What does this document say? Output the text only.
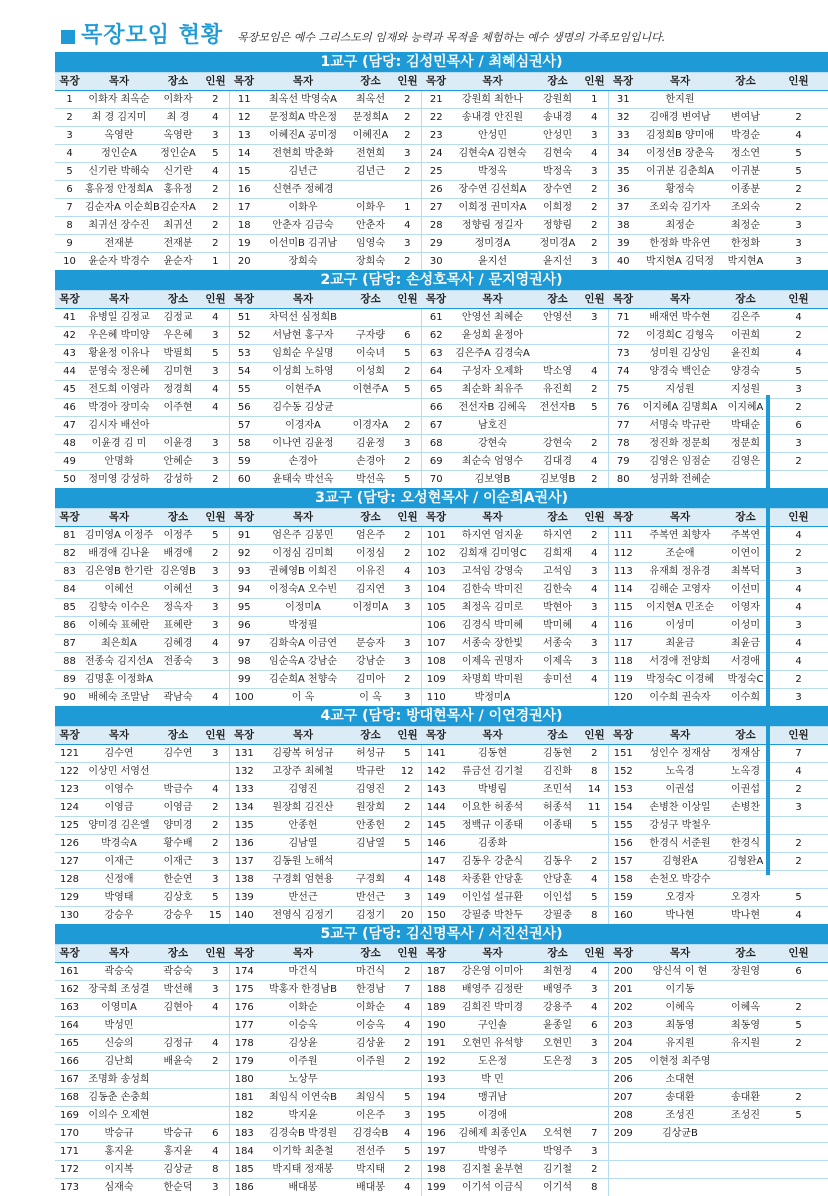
목장모임 현황 목장모임은 예수 그리스도의 임재와 능력과 목적을 체험하는 예수 생명의 가족모임입니다.
1교구 (담당: 김성민목사 / 최혜심권사)															
목장	목자	장소	인원	목장	목자	장소	인원	목장	목자	장소	인원	목장	목자	장소	인원
1	이화자 최옥순	이화자	2	11	최옥선 박영숙A	최옥선	2	21	강원희 최한나	강원희	1	31	한지원		
2	최 경 김지미	최 경	4	12	문정희A 박은정	문정희A	2	22	송내경 안진원	송내경	4	32	김애경 변여남	변여남	2
3	옥영란	옥영란	3	13	이혜진A 공미정	이혜진A	2	23	안성민	안성민	3	33	김정희B 양미애	박경순	4
4	정인순A	정인순A	5	14	전현희 박춘화	전현희	3	24	김현숙A 김현숙	김현숙	4	34	이정선B 장춘옥	정소연	5
5	신기란 박해숙	신기란	4	15	김년근	김년근	2	25	박정옥	박정옥	3	35	이귀분 김춘희A	이귀분	5
6	홍유정 안정희A	홍유정	2	16	신현주 정혜경			26	장수연 김선희A	장수연	2	36	황정숙	이종분	2
7	김순자A 이순희B	김순자A	2	17	이화우	이화우	1	27	이희정 권미자A	이희정	2	37	조외숙 김기자	조외숙	2
8	최귀선 장수진	최귀선	2	18	안춘자 김금숙	안춘자	4	28	정향림 정길자	정향림	2	38	최정순	최정순	3
9	전재분	전재분	2	19	이선미B 김귀남	임영숙	3	29	정미경A	정미경A	2	39	한정화 박유연	한정화	3
10	윤순자 박경수	윤순자	1	20	장희숙	장희숙	2	30	윤지선	윤지선	3	40	박지현A 김덕정	박지현A	3
2교구 (담당: 손성호목사 / 문지영권사)															
목장	목자	장소	인원	목장	목자	장소	인원	목장	목자	장소	인원	목장	목자	장소	인원
41	유병일 김정교	김정교	4	51	차덕선 심정희B			61	안영선 최혜순	안영선	3	71	배재연 박수현	김은주	4
42	우은혜 박미양	우은혜	3	52	서남현 홍구자	구자량	6	62	윤성희 윤정아			72	이경희C 김형옥	이권희	2
43	황윤정 이유나	박필희	5	53	임희순 우실명	이숙녀	5	63	김은주A 김경숙A			73	성미원 김상임	윤진희	4
44	문영숙 정은혜	김미현	3	54	이성희 노하영	이성희	2	64	구성자 오제화	박소영	4	74	양경숙 백인순	양경숙	5
45	전도희 이영라	정경희	4	55	이현주A	이현주A	5	65	최순화 최유주	유진희	2	75	지성원	지성원	3
46	박경아 장미숙	이주현	4	56	김수동 김상균			66	전선자B 김혜옥	전선자B	5	76	이지혜A 김명희A	이지혜A	2
47	김시자 배선아			57	이경자A	이경자A	2	67	남호진			77	서명숙 박규란	박태순	6
48	이윤경 김 미	이윤경	3	58	이나연 김윤정	김윤정	3	68	강현숙	강현숙	2	78	정진화 정문희	정문희	3
49	안명화	안혜순	3	59	손경아	손경아	2	69	최순숙 엄영수	김대경	4	79	김영은 임점순	김영은	2
50	정미영 강성하	강성하	2	60	윤태숙 박선옥	박선옥	5	70	김보영B	김보영B	2	80	성귀화 전혜순		
3교구 (담당: 오성현목사 / 이순희A권사)															
목장	목자	장소	인원	목장	목자	장소	인원	목장	목자	장소	인원	목장	목자	장소	인원
81	김미영A 이정주	이정주	5	91	엄은주 김봉민	엄은주	2	101	하지연 엄지윤	하지연	2	111	주복연 최향자	주복연	4
82	배경애 김나윤	배경애	2	92	이정심 김미희	이정심	2	102	김희재 김미영C	김희재	4	112	조순애	이연이	2
83	김은영B 한기란	김은영B	3	93	권혜영B 이희진	이유진	4	103	고석임 강영숙	고석임	3	113	유재희 정유경	최복덕	3
84	이혜선	이혜선	3	94	이정숙A 오수빈	김지연	3	104	김한숙 박미진	김한숙	4	114	김해순 고영자	이선미	4
85	김향숙 이수은	정옥자	3	95	이정미A	이정미A	3	105	최정옥 김미로	박현아	3	115	이지현A 민조순	이영자	4
86	이혜숙 표혜란	표혜란	3	96	박정필			106	김경식 박미혜	박미혜	4	116	이성미	이성미	3
87	최은희A	김혜경	4	97	김화숙A 이금연	문승자	3	107	서종숙 장한빛	서종숙	3	117	최윤금	최윤금	4
88	전종숙 김지선A	전종숙	3	98	임순옥A 강남순	강남순	3	108	이제옥 권명자	이제옥	3	118	서경애 전양희	서경애	4
89	김명훈 이정화A			99	김순희A 천향숙	김미아	2	109	차명희 박미원	송미선	4	119	박정숙C 이경혜	박정숙C	2
90	배혜숙 조말남	곽남숙	4	100	이 옥	이 옥	3	110	박정미A			120	이수희 권숙자	이수희	3
4교구 (담당: 방대현목사 / 이연경권사)															
목장	목자	장소	인원	목장	목자	장소	인원	목장	목자	장소	인원	목장	목자	장소	인원
121	김수연	김수연	3	131	김광복 허성규	허성규	5	141	김동현	김동현	2	151	성인수 정재삼	정재삼	7
122	이상민 서영선			132	고장주 최혜철	박규란	12	142	류금선 김기철	김진화	8	152	노옥경	노옥경	4
123	이영수	박금수	4	133	김영진	김영진	2	143	박병림	조민석	14	153	이권섭	이권섭	2
124	이영금	이영금	2	134	원장희 김진산	원장희	2	144	이요한 허종석	허종석	11	154	손병찬 이상일	손병찬	3
125	양미경 김은엘	양미경	2	135	안종헌	안종헌	2	145	정백규 이종태	이종태	5	155	강성구 박철우		
126	박경숙A	황수배	2	136	김남열	김남열	5	146	김종화			156	한경식 서준원	한경식	2
127	이재근	이재근	3	137	김동원 노해석			147	김동우 강춘식	김동우	2	157	김형완A	김형완A	2
128	신정애	한순연	3	138	구경회 엄현용	구경회	4	148	차종환 안당훈	안당훈	4	158	손천오 박강수		
129	박영태	김상호	5	139	반선근	반선근	3	149	이인섭 설규환	이인섭	5	159	오경자	오경자	5
130	강승우	강승우	15	140	전영식 김정기	김정기	20	150	강필중 박찬두	강필중	8	160	박나현	박나현	4
5교구 (담당: 김신명목사 / 서진선권사)															
목장	목자	장소	인원	목장	목자	장소	인원	목장	목자	장소	인원	목장	목자	장소	인원
161	곽승숙	곽승숙	3	174	마건식	마건식	2	187	강은영 이미아	최현정	4	200	양신석 이 현	장원영	6
162	장국희 조성결	박선해	3	175	박홍자 한경남B	한경남	7	188	배영주 김정란	배영주	3	201	이기동		
163	이영미A	김현아	4	176	이화순	이화순	4	189	김희진 박미경	강용주	4	202	이혜옥	이혜옥	2
164	박성민			177	이승옥	이승옥	4	190	구인솔	윤종일	6	203	최동영	최동영	5
165	신승의	김정규	4	178	김상윤	김상윤	2	191	오현민 유석향	오현민	3	204	유지원	유지원	2
166	김난희	배윤숙	2	179	이주원	이주원	2	192	도은정	도은정	3	205	이현정 최주영		
167	조명화 송성희			180	노상무			193	박 민			206	소대현		
168	김동춘 손충희			181	최임식 이연숙B	최임식	5	194	맹귀남			207	송대환	송대환	2
169	이의수 오제현			182	박지윤	이은주	3	195	이경애			208	조성진	조성진	5
170	박승규	박승규	6	183	김경숙B 박경원	김경숙B	4	196	김혜제 최종인A	오석현	7	209	김상균B		
171	홍지윤	홍지윤	4	184	이기학 최춘철	전선주	5	197	박영주	박영주	3				
172	이지복	김상균	8	185	박지태 정재봉	박지태	2	198	김지철 윤부현	김기철	2				
173	심재숙	한순덕	3	186	배대봉	배대봉	4	199	이기석 이금식	이기석	8				
